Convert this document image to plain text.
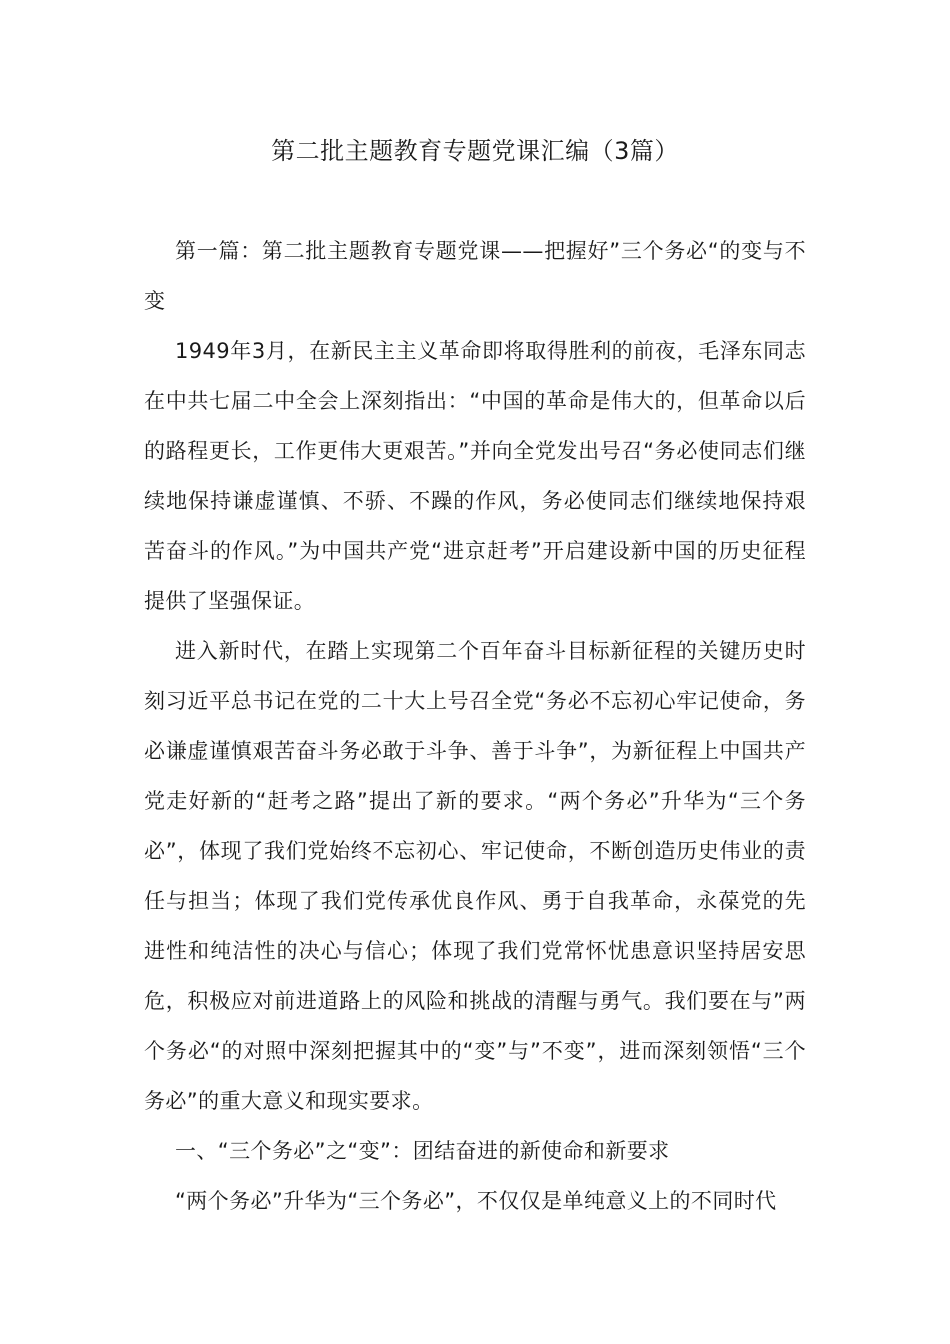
第二批主题教育专题党课汇编（3篇）

第一篇：第二批主题教育专题党课——把握好”三个务必“的变与不变

1949年3月，在新民主主义革命即将取得胜利的前夜，毛泽东同志在中共七届二中全会上深刻指出：“中国的革命是伟大的，但革命以后的路程更长，工作更伟大更艰苦。”并向全党发出号召“务必使同志们继续地保持谦虚谨慎、不骄、不躁的作风，务必使同志们继续地保持艰苦奋斗的作风。”为中国共产党“进京赶考”开启建设新中国的历史征程提供了坚强保证。

进入新时代，在踏上实现第二个百年奋斗目标新征程的关键历史时刻习近平总书记在党的二十大上号召全党“务必不忘初心牢记使命，务必谦虚谨慎艰苦奋斗务必敢于斗争、善于斗争”，为新征程上中国共产党走好新的“赶考之路”提出了新的要求。“两个务必”升华为“三个务必”，体现了我们党始终不忘初心、牢记使命，不断创造历史伟业的责任与担当；体现了我们党传承优良作风、勇于自我革命，永葆党的先进性和纯洁性的决心与信心；体现了我们党常怀忧患意识坚持居安思危，积极应对前进道路上的风险和挑战的清醒与勇气。我们要在与”两个务必“的对照中深刻把握其中的“变”与”不变”，进而深刻领悟“三个务必”的重大意义和现实要求。

一、“三个务必”之“变”：团结奋进的新使命和新要求

“两个务必”升华为“三个务必”，不仅仅是单纯意义上的不同时代
